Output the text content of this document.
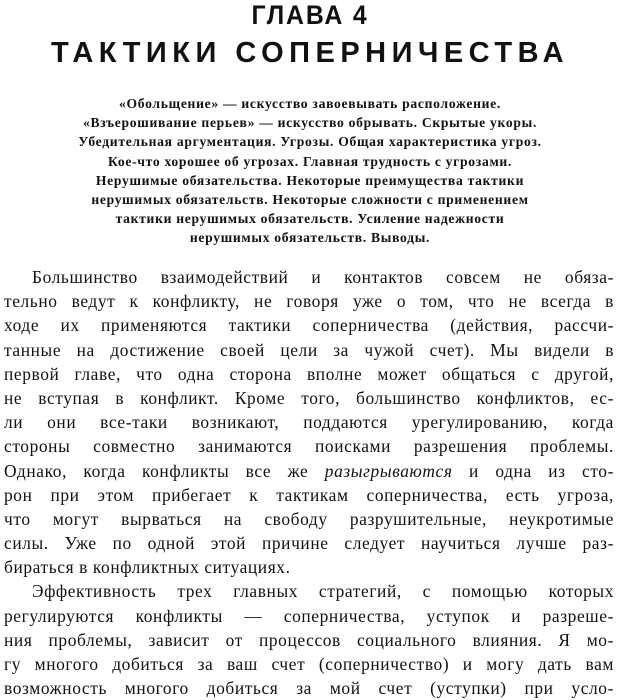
ГЛАВА 4
ТАКТИКИ СОПЕРНИЧЕСТВА
«Обольщение» — искусство завоевывать расположение.
«Взъерошивание перьев» — искусство обрывать. Скрытые укоры.
Убедительная аргументация. Угрозы. Общая характеристика угроз.
Кое-что хорошее об угрозах. Главная трудность с угрозами.
Нерушимые обязательства. Некоторые преимущества тактики
нерушимых обязательств. Некоторые сложности с применением
тактики нерушимых обязательств. Усиление надежности
нерушимых обязательств. Выводы.
Большинство взаимодействий и контактов совсем не обяза-
тельно ведут к конфликту, не говоря уже о том, что не всегда в
ходе их применяются тактики соперничества (действия, рассчи-
танные на достижение своей цели за чужой счет). Мы видели в
первой главе, что одна сторона вполне может общаться с другой,
не вступая в конфликт. Кроме того, большинство конфликтов, ес-
ли они все-таки возникают, поддаются урегулированию, когда
стороны совместно занимаются поисками разрешения проблемы.
Однако, когда конфликты все же разыгрываются и одна из сто-
рон при этом прибегает к тактикам соперничества, есть угроза,
что могут вырваться на свободу разрушительные, неукротимые
силы. Уже по одной этой причине следует научиться лучше раз-
бираться в конфликтных ситуациях.
Эффективность трех главных стратегий, с помощью которых
регулируются конфликты — соперничества, уступок и разреше-
ния проблемы, зависит от процессов социального влияния. Я мо-
гу многого добиться за ваш счет (соперничество) и могу дать вам
возможность многого добиться за мой счет (уступки) при усло-
